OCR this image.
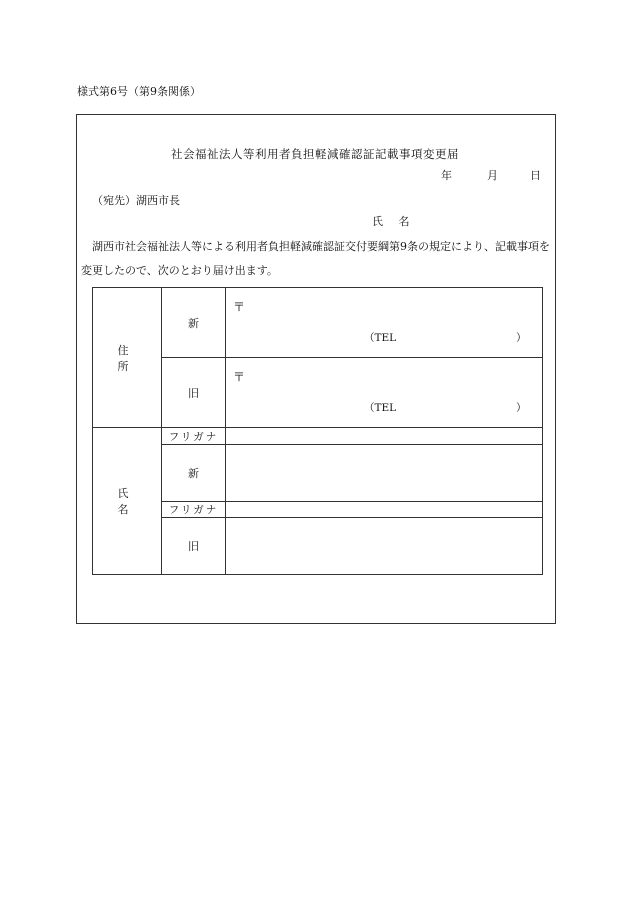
様式第6号（第9条関係）
社会福祉法人等利用者負担軽減確認証記載事項変更届
年	月	日
（宛先）湖西市長
氏 名
湖西市社会福祉法人等による利用者負担軽減確認証交付要綱第9条の規定により、記載事項を
変更したので、次のとおり届け出ます。
住 所	新	〒
（TEL ）

	旧	〒
（TEL ）

氏 名	フリガナ	
	新	
	フリガナ	
	旧	
